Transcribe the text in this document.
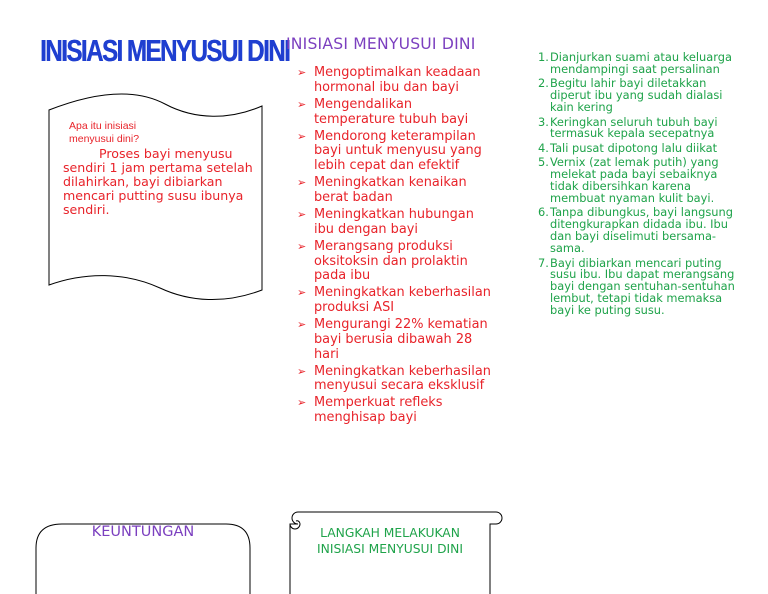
INISIASI MENYUSUI DINI
Apa itu inisiasi menyusui dini?
Proses bayi menyusu sendiri 1 jam pertama setelah dilahirkan, bayi dibiarkan mencari putting susu ibunya sendiri.
INISIASI MENYUSUI DINI
➢ Mengoptimalkan keadaan hormonal ibu dan bayi
➢ Mengendalikan temperature tubuh bayi
➢ Mendorong keterampilan bayi untuk menyusu yang lebih cepat dan efektif
➢ Meningkatkan kenaikan berat badan
➢ Meningkatkan hubungan ibu dengan bayi
➢ Merangsang produksi oksitoksin dan prolaktin pada ibu
➢ Meningkatkan keberhasilan produksi ASI
➢ Mengurangi 22% kematian bayi berusia dibawah 28 hari
➢ Meningkatkan keberhasilan menyusui secara eksklusif
➢ Memperkuat refleks menghisap bayi
1. Dianjurkan suami atau keluarga mendampingi saat persalinan
2. Begitu lahir bayi diletakkan diperut ibu yang sudah dialasi kain kering
3. Keringkan seluruh tubuh bayi termasuk kepala secepatnya
4. Tali pusat dipotong lalu diikat
5. Vernix (zat lemak putih) yang melekat pada bayi sebaiknya tidak dibersihkan karena membuat nyaman kulit bayi.
6. Tanpa dibungkus, bayi langsung ditengkurapkan didada ibu. Ibu dan bayi diselimuti bersama-sama.
7. Bayi dibiarkan mencari puting susu ibu. Ibu dapat merangsang bayi dengan sentuhan-sentuhan lembut, tetapi tidak memaksa bayi ke puting susu.
KEUNTUNGAN	LANGKAH MELAKUKAN INISIASI MENYUSUI DINI
